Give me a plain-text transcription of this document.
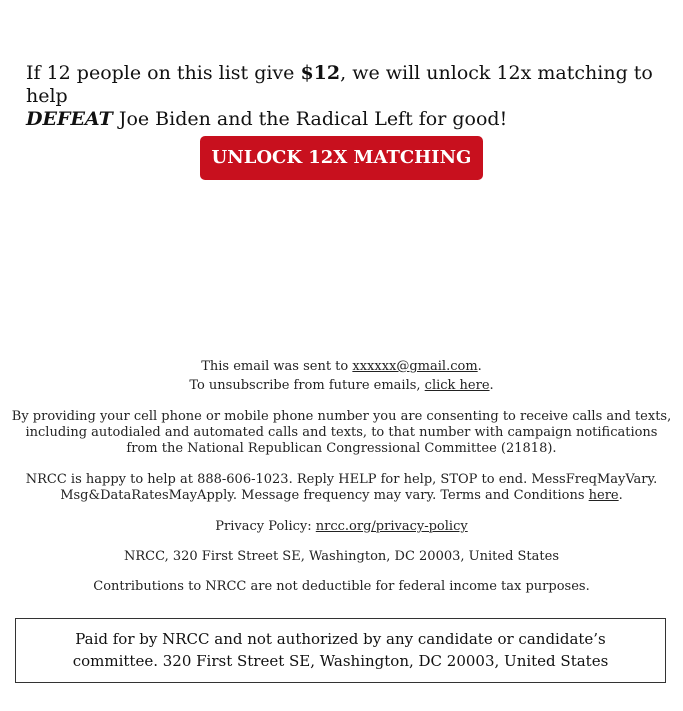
If 12 people on this list give $12, we will unlock 12x matching to help
DEFEAT Joe Biden and the Radical Left for good!
UNLOCK 12X MATCHING
This email was sent to xxxxxx@gmail.com.
To unsubscribe from future emails, click here.
By providing your cell phone or mobile phone number you are consenting to receive calls and texts, including autodialed and automated calls and texts, to that number with campaign notifications from the National Republican Congressional Committee (21818).
NRCC is happy to help at 888-606-1023. Reply HELP for help, STOP to end. MessFreqMayVary. Msg&DataRatesMayApply. Message frequency may vary. Terms and Conditions here.
Privacy Policy: nrcc.org/privacy-policy
NRCC, 320 First Street SE, Washington, DC 20003, United States
Contributions to NRCC are not deductible for federal income tax purposes.
Paid for by NRCC and not authorized by any candidate or candidate’s committee. 320 First Street SE, Washington, DC 20003, United States
